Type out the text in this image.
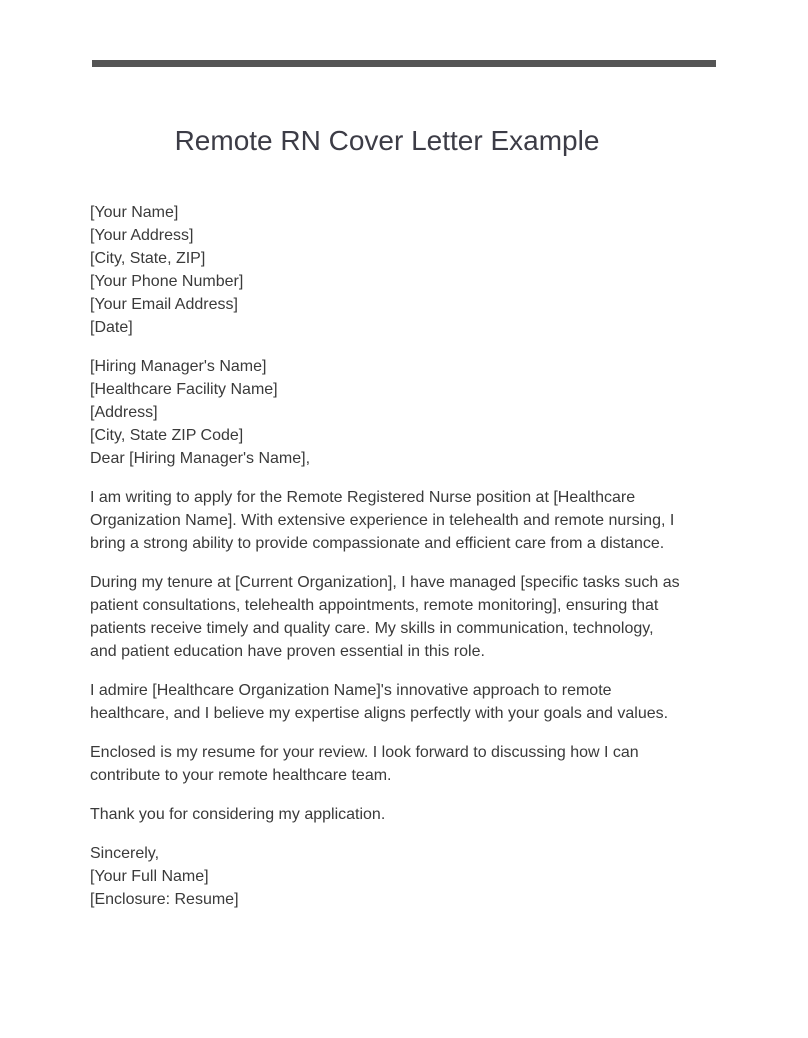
Remote RN Cover Letter Example
[Your Name]
[Your Address]
[City, State, ZIP]
[Your Phone Number]
[Your Email Address]
[Date]
[Hiring Manager's Name]
[Healthcare Facility Name]
[Address]
[City, State ZIP Code]
Dear [Hiring Manager's Name],
I am writing to apply for the Remote Registered Nurse position at [Healthcare
Organization Name]. With extensive experience in telehealth and remote nursing, I
bring a strong ability to provide compassionate and efficient care from a distance.
During my tenure at [Current Organization], I have managed [specific tasks such as
patient consultations, telehealth appointments, remote monitoring], ensuring that
patients receive timely and quality care. My skills in communication, technology,
and patient education have proven essential in this role.
I admire [Healthcare Organization Name]'s innovative approach to remote
healthcare, and I believe my expertise aligns perfectly with your goals and values.
Enclosed is my resume for your review. I look forward to discussing how I can
contribute to your remote healthcare team.
Thank you for considering my application.
Sincerely,
[Your Full Name]
[Enclosure: Resume]
